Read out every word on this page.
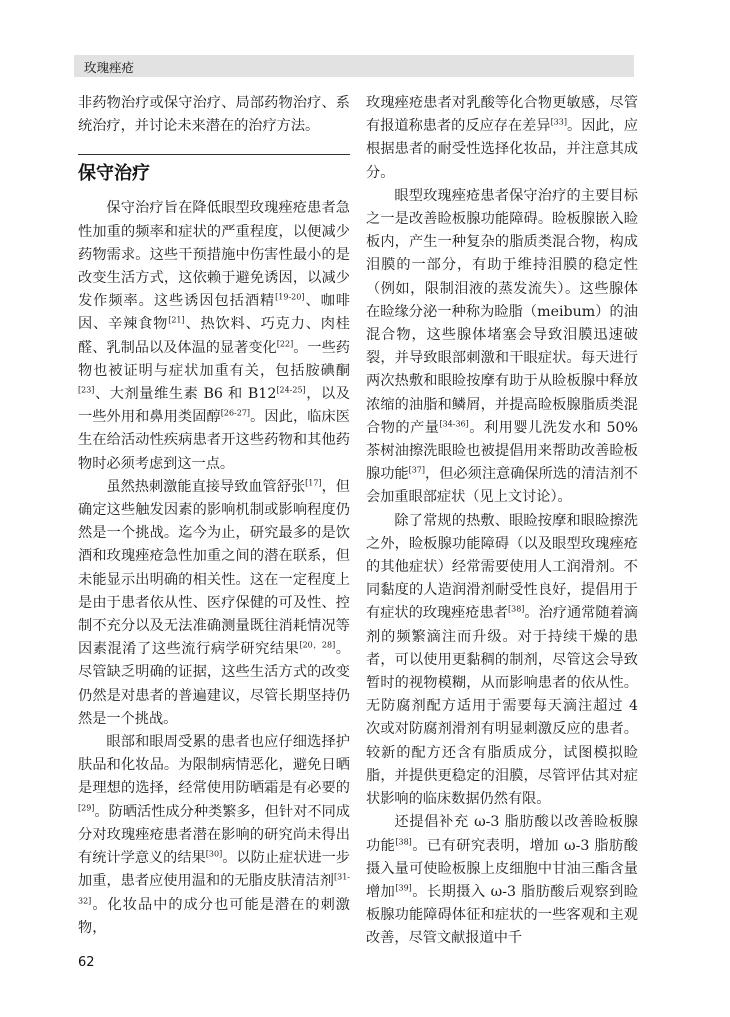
玫瑰痤疮

非药物治疗或保守治疗、局部药物治疗、系统治疗，并讨论未来潜在的治疗方法。

保守治疗

保守治疗旨在降低眼型玫瑰痤疮患者急性加重的频率和症状的严重程度，以便减少药物需求。这些干预措施中伤害性最小的是改变生活方式，这依赖于避免诱因，以减少发作频率。这些诱因包括酒精[19-20]、咖啡因、辛辣食物[21]、热饮料、巧克力、肉桂醛、乳制品以及体温的显著变化[22]。一些药物也被证明与症状加重有关，包括胺碘酮[23]、大剂量维生素 B6 和 B12[24-25]，以及一些外用和鼻用类固醇[26-27]。因此，临床医生在给活动性疾病患者开这些药物和其他药物时必须考虑到这一点。

虽然热刺激能直接导致血管舒张[17]，但确定这些触发因素的影响机制或影响程度仍然是一个挑战。迄今为止，研究最多的是饮酒和玫瑰痤疮急性加重之间的潜在联系，但未能显示出明确的相关性。这在一定程度上是由于患者依从性、医疗保健的可及性、控制不充分以及无法准确测量既往消耗情况等因素混淆了这些流行病学研究结果[20，28]。尽管缺乏明确的证据，这些生活方式的改变仍然是对患者的普遍建议，尽管长期坚持仍然是一个挑战。

眼部和眼周受累的患者也应仔细选择护肤品和化妆品。为限制病情恶化，避免日晒是理想的选择，经常使用防晒霜是有必要的[29]。防晒活性成分种类繁多，但针对不同成分对玫瑰痤疮患者潜在影响的研究尚未得出有统计学意义的结果[30]。以防止症状进一步加重，患者应使用温和的无脂皮肤清洁剂[31-32]。化妆品中的成分也可能是潜在的刺激物，

玫瑰痤疮患者对乳酸等化合物更敏感，尽管有报道称患者的反应存在差异[33]。因此，应根据患者的耐受性选择化妆品，并注意其成分。

眼型玫瑰痤疮患者保守治疗的主要目标之一是改善睑板腺功能障碍。睑板腺嵌入睑板内，产生一种复杂的脂质类混合物，构成泪膜的一部分，有助于维持泪膜的稳定性（例如，限制泪液的蒸发流失）。这些腺体在睑缘分泌一种称为睑脂（meibum）的油混合物，这些腺体堵塞会导致泪膜迅速破裂，并导致眼部刺激和干眼症状。每天进行两次热敷和眼睑按摩有助于从睑板腺中释放浓缩的油脂和鳞屑，并提高睑板腺脂质类混合物的产量[34-36]。利用婴儿洗发水和 50% 茶树油擦洗眼睑也被提倡用来帮助改善睑板腺功能[37]，但必须注意确保所选的清洁剂不会加重眼部症状（见上文讨论）。

除了常规的热敷、眼睑按摩和眼睑擦洗之外，睑板腺功能障碍（以及眼型玫瑰痤疮的其他症状）经常需要使用人工润滑剂。不同黏度的人造润滑剂耐受性良好，提倡用于有症状的玫瑰痤疮患者[38]。治疗通常随着滴剂的频繁滴注而升级。对于持续干燥的患者，可以使用更黏稠的制剂，尽管这会导致暂时的视物模糊，从而影响患者的依从性。无防腐剂配方适用于需要每天滴注超过 4 次或对防腐剂滑剂有明显刺激反应的患者。较新的配方还含有脂质成分，试图模拟睑脂，并提供更稳定的泪膜，尽管评估其对症状影响的临床数据仍然有限。

还提倡补充 ω-3 脂肪酸以改善睑板腺功能[38]。已有研究表明，增加 ω-3 脂肪酸摄入量可使睑板腺上皮细胞中甘油三酯含量增加[39]。长期摄入 ω-3 脂肪酸后观察到睑板腺功能障碍体征和症状的一些客观和主观改善，尽管文献报道中千

62
